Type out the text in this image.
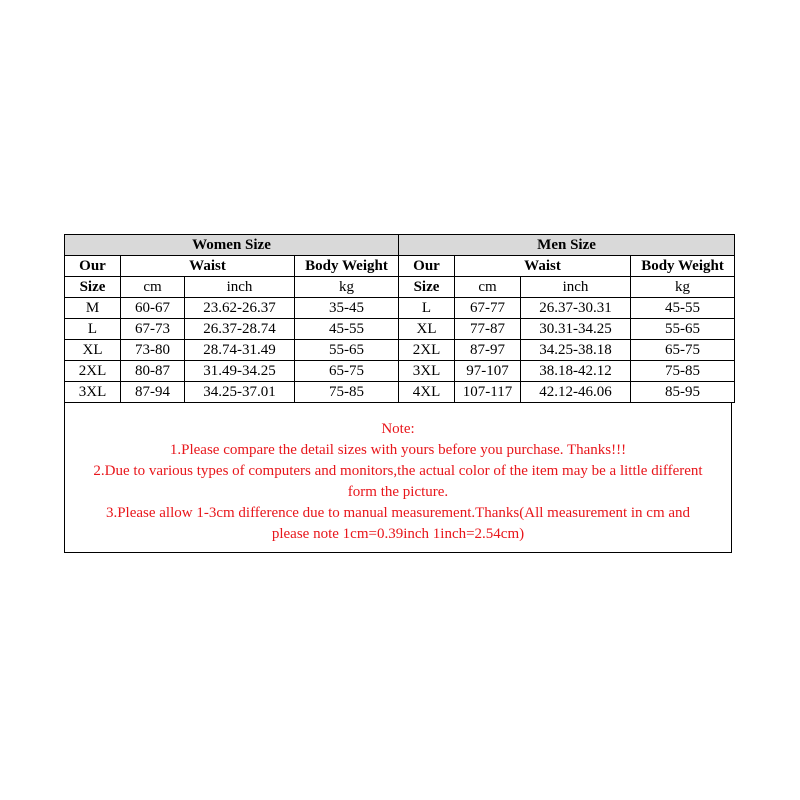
Women Size				Men Size			
Our	Waist		Body Weight	Our	Waist		Body Weight
Size	cm	inch	kg	Size	cm	inch	kg
M	60-67	23.62-26.37	35-45	L	67-77	26.37-30.31	45-55
L	67-73	26.37-28.74	45-55	XL	77-87	30.31-34.25	55-65
XL	73-80	28.74-31.49	55-65	2XL	87-97	34.25-38.18	65-75
2XL	80-87	31.49-34.25	65-75	3XL	97-107	38.18-42.12	75-85
3XL	87-94	34.25-37.01	75-85	4XL	107-117	42.12-46.06	85-95
Note:
1.Please compare the detail sizes with yours before you purchase. Thanks!!!
2.Due to various types of computers and monitors,the actual color of the item may be a little different
form the picture.
3.Please allow 1-3cm difference due to manual measurement.Thanks(All measurement in cm and
please note 1cm=0.39inch 1inch=2.54cm)
